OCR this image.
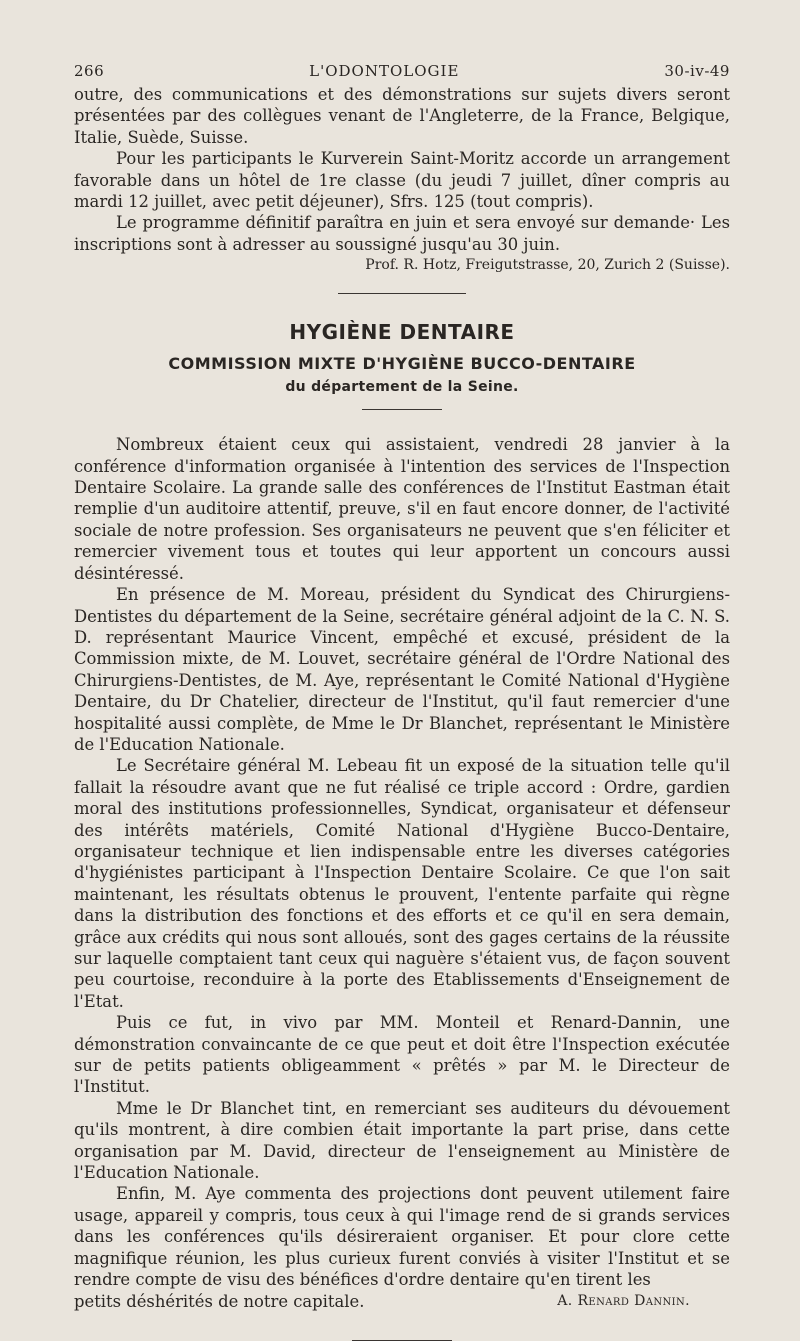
266	L'ODONTOLOGIE	30-iv-49

outre, des communications et des démonstrations sur sujets divers seront présentées par des collègues venant de l'Angleterre, de la France, Belgique, Italie, Suède, Suisse.

Pour les participants le Kurverein Saint-Moritz accorde un arrangement favorable dans un hôtel de 1re classe (du jeudi 7 juillet, dîner compris au mardi 12 juillet, avec petit déjeuner), Sfrs. 125 (tout compris).

Le programme définitif paraîtra en juin et sera envoyé sur demande· Les inscriptions sont à adresser au soussigné jusqu'au 30 juin.

Prof. R. Hotz, Freigutstrasse, 20, Zurich 2 (Suisse).
HYGIÈNE DENTAIRE
COMMISSION MIXTE D'HYGIÈNE BUCCO-DENTAIRE
du département de la Seine.

Nombreux étaient ceux qui assistaient, vendredi 28 janvier à la conférence d'information organisée à l'intention des services de l'Inspection Dentaire Scolaire. La grande salle des conférences de l'Institut Eastman était remplie d'un auditoire attentif, preuve, s'il en faut encore donner, de l'activité sociale de notre profession. Ses organisateurs ne peuvent que s'en féliciter et remercier vivement tous et toutes qui leur apportent un concours aussi désintéressé.

En présence de M. Moreau, président du Syndicat des Chirurgiens-Dentistes du département de la Seine, secrétaire général adjoint de la C. N. S. D. représentant Maurice Vincent, empêché et excusé, président de la Commission mixte, de M. Louvet, secrétaire général de l'Ordre National des Chirurgiens-Dentistes, de M. Aye, représentant le Comité National d'Hygiène Dentaire, du Dr Chatelier, directeur de l'Institut, qu'il faut remercier d'une hospitalité aussi complète, de Mme le Dr Blanchet, représentant le Ministère de l'Education Nationale.

Le Secrétaire général M. Lebeau fit un exposé de la situation telle qu'il fallait la résoudre avant que ne fut réalisé ce triple accord : Ordre, gardien moral des institutions professionnelles, Syndicat, organisateur et défenseur des intérêts matériels, Comité National d'Hygiène Bucco-Dentaire, organisateur technique et lien indispensable entre les diverses catégories d'hygiénistes participant à l'Inspection Dentaire Scolaire. Ce que l'on sait maintenant, les résultats obtenus le prouvent, l'entente parfaite qui règne dans la distribution des fonctions et des efforts et ce qu'il en sera demain, grâce aux crédits qui nous sont alloués, sont des gages certains de la réussite sur laquelle comptaient tant ceux qui naguère s'étaient vus, de façon souvent peu courtoise, reconduire à la porte des Etablissements d'Enseignement de l'Etat.

Puis ce fut, in vivo par MM. Monteil et Renard-Dannin, une démonstration convaincante de ce que peut et doit être l'Inspection exécutée sur de petits patients obligeamment « prêtés » par M. le Directeur de l'Institut.

Mme le Dr Blanchet tint, en remerciant ses auditeurs du dévouement qu'ils montrent, à dire combien était importante la part prise, dans cette organisation par M. David, directeur de l'enseignement au Ministère de l'Education Nationale.

Enfin, M. Aye commenta des projections dont peuvent utilement faire usage, appareil y compris, tous ceux à qui l'image rend de si grands services dans les conférences qu'ils désireraient organiser. Et pour clore cette magnifique réunion, les plus curieux furent conviés à visiter l'Institut et se rendre compte de visu des bénéfices d'ordre dentaire qu'en tirent les

petits déshérités de notre capitale.	A. Renard Dannin.
